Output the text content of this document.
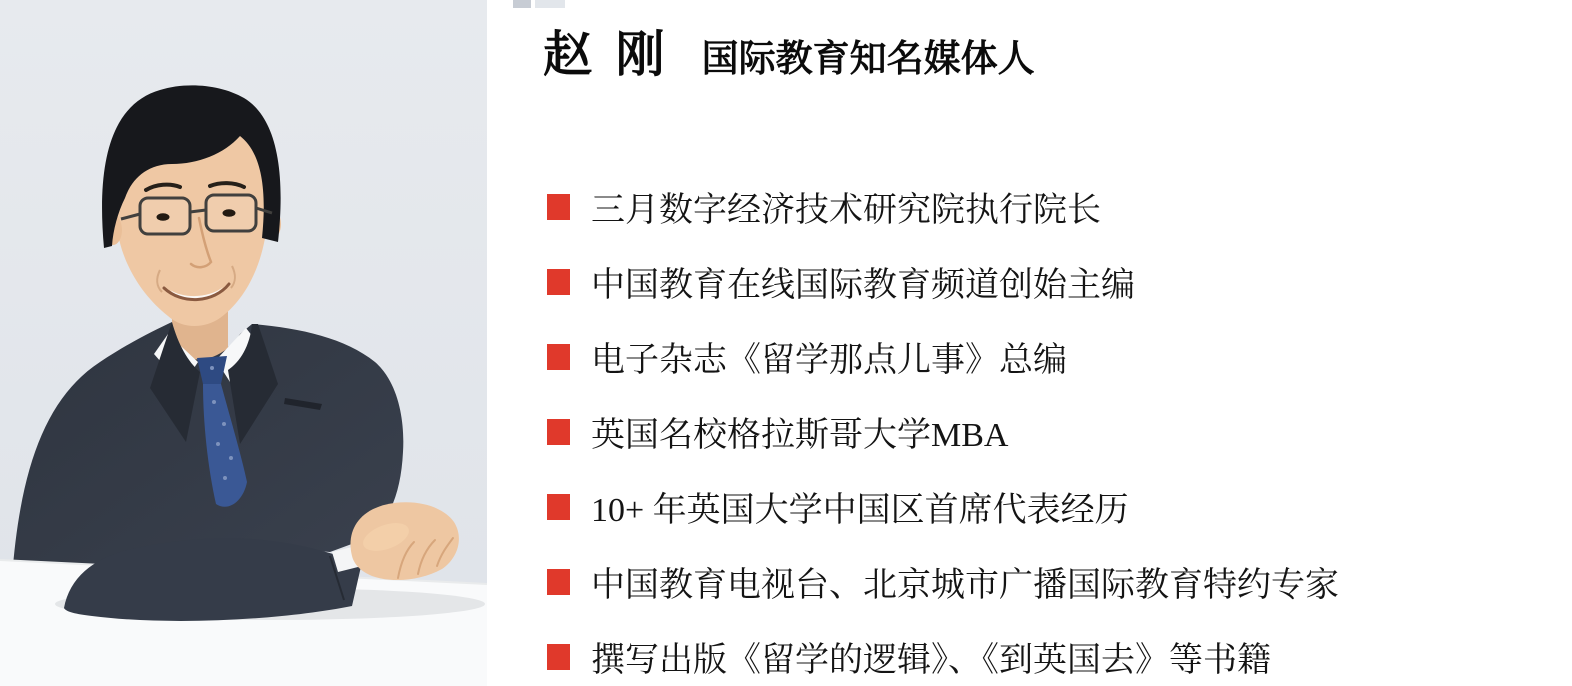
赵 刚 国际教育知名媒体人
三月数字经济技术研究院执行院长
中国教育在线国际教育频道创始主编
电子杂志《留学那点儿事》总编
英国名校格拉斯哥大学MBA
10+ 年英国大学中国区首席代表经历
中国教育电视台、北京城市广播国际教育特约专家
撰写出版《留学的逻辑》、《到英国去》等书籍
